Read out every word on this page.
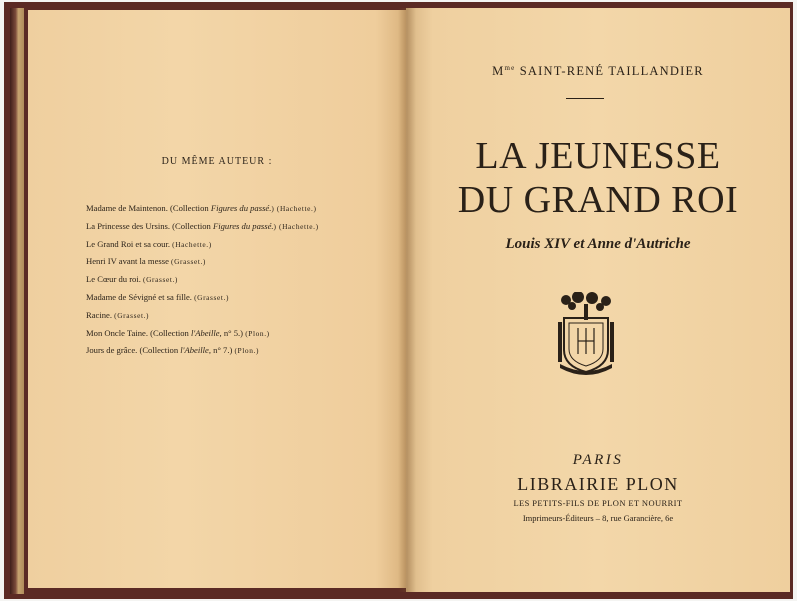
DU MÊME AUTEUR :
Madame de Maintenon. (Collection Figures du passé.) (Hachette.)
La Princesse des Ursins. (Collection Figures du passé.) (Hachette.)
Le Grand Roi et sa cour. (Hachette.)
Henri IV avant la messe (Grasset.)
Le Cœur du roi. (Grasset.)
Madame de Sévigné et sa fille. (Grasset.)
Racine. (Grasset.)
Mon Oncle Taine. (Collection l'Abeille, n° 5.) (Plon.)
Jours de grâce. (Collection l'Abeille, n° 7.) (Plon.)
$M^{me}$ SAINT-RENÉ TAILLANDIER
LA JEUNESSE
DU GRAND ROI
Louis XIV et Anne d'Autriche
PARIS
LIBRAIRIE PLON
LES PETITS-FILS DE PLON ET NOURRIT
Imprimeurs-Éditeurs – 8, rue Garancière, 6e
